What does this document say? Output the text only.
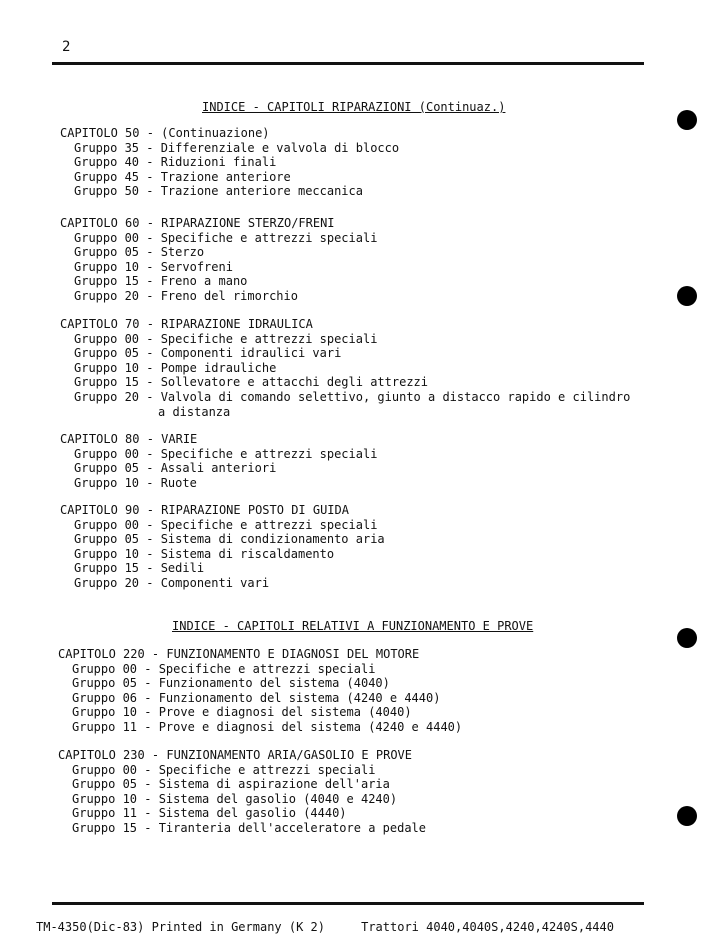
2
INDICE - CAPITOLI RIPARAZIONI (Continuaz.)
CAPITOLO 50 - (Continuazione)
Gruppo 35 - Differenziale e valvola di blocco
Gruppo 40 - Riduzioni finali
Gruppo 45 - Trazione anteriore
Gruppo 50 - Trazione anteriore meccanica
CAPITOLO 60 - RIPARAZIONE STERZO/FRENI
Gruppo 00 - Specifiche e attrezzi speciali
Gruppo 05 - Sterzo
Gruppo 10 - Servofreni
Gruppo 15 - Freno a mano
Gruppo 20 - Freno del rimorchio
CAPITOLO 70 - RIPARAZIONE IDRAULICA
Gruppo 00 - Specifiche e attrezzi speciali
Gruppo 05 - Componenti idraulici vari
Gruppo 10 - Pompe idrauliche
Gruppo 15 - Sollevatore e attacchi degli attrezzi
Gruppo 20 - Valvola di comando selettivo, giunto a distacco rapido e cilindro
a distanza
CAPITOLO 80 - VARIE
Gruppo 00 - Specifiche e attrezzi speciali
Gruppo 05 - Assali anteriori
Gruppo 10 - Ruote
CAPITOLO 90 - RIPARAZIONE POSTO DI GUIDA
Gruppo 00 - Specifiche e attrezzi speciali
Gruppo 05 - Sistema di condizionamento aria
Gruppo 10 - Sistema di riscaldamento
Gruppo 15 - Sedili
Gruppo 20 - Componenti vari
INDICE - CAPITOLI RELATIVI A FUNZIONAMENTO E PROVE
CAPITOLO 220 - FUNZIONAMENTO E DIAGNOSI DEL MOTORE
Gruppo 00 - Specifiche e attrezzi speciali
Gruppo 05 - Funzionamento del sistema (4040)
Gruppo 06 - Funzionamento del sistema (4240 e 4440)
Gruppo 10 - Prove e diagnosi del sistema (4040)
Gruppo 11 - Prove e diagnosi del sistema (4240 e 4440)
CAPITOLO 230 - FUNZIONAMENTO ARIA/GASOLIO E PROVE
Gruppo 00 - Specifiche e attrezzi speciali
Gruppo 05 - Sistema di aspirazione dell'aria
Gruppo 10 - Sistema del gasolio (4040 e 4240)
Gruppo 11 - Sistema del gasolio (4440)
Gruppo 15 - Tiranteria dell'acceleratore a pedale
TM-4350(Dic-83) Printed in Germany (K 2)	Trattori 4040,4040S,4240,4240S,4440
